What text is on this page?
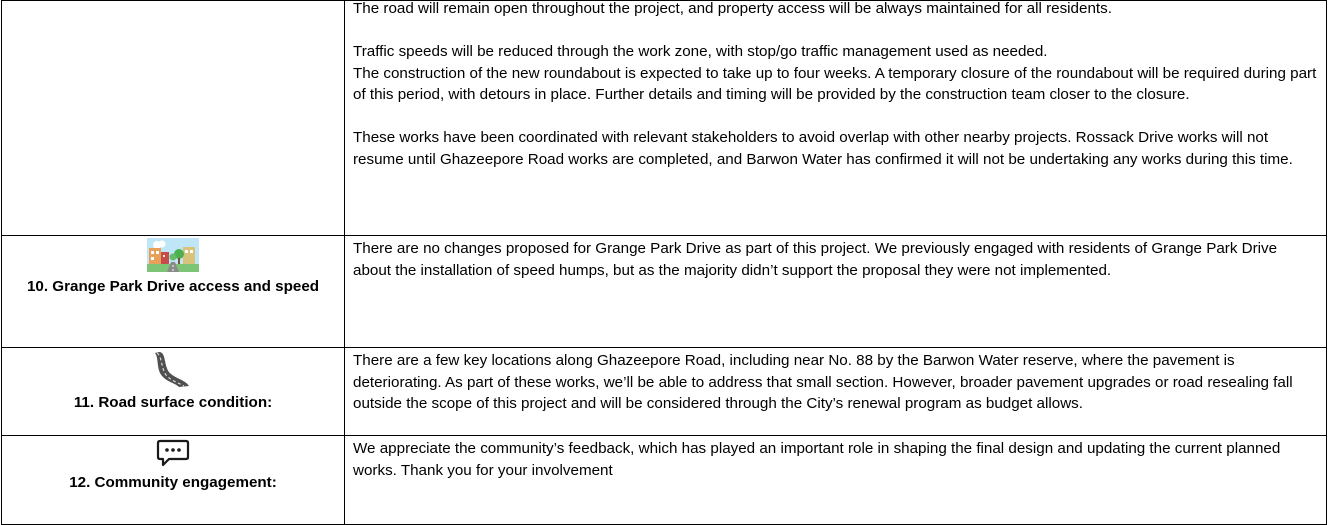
	The road will remain open throughout the project, and property access will be always maintained for all residents.

Traffic speeds will be reduced through the work zone, with stop/go traffic management used as needed.

The construction of the new roundabout is expected to take up to four weeks. A temporary closure of the roundabout will be required during part of this period, with detours in place. Further details and timing will be provided by the construction team closer to the closure.

These works have been coordinated with relevant stakeholders to avoid overlap with other nearby projects. Rossack Drive works will not resume until Ghazeepore Road works are completed, and Barwon Water has confirmed it will not be undertaking any works during this time.

10. Grange Park Drive access and speed	There are no changes proposed for Grange Park Drive as part of this project. We previously engaged with residents of Grange Park Drive about the installation of speed humps, but as the majority didn’t support the proposal they were not implemented.

11. Road surface condition:	There are a few key locations along Ghazeepore Road, including near No. 88 by the Barwon Water reserve, where the pavement is deteriorating. As part of these works, we’ll be able to address that small section. However, broader pavement upgrades or road resealing fall outside the scope of this project and will be considered through the City’s renewal program as budget allows.

12. Community engagement:	We appreciate the community’s feedback, which has played an important role in shaping the final design and updating the current planned works. Thank you for your involvement
